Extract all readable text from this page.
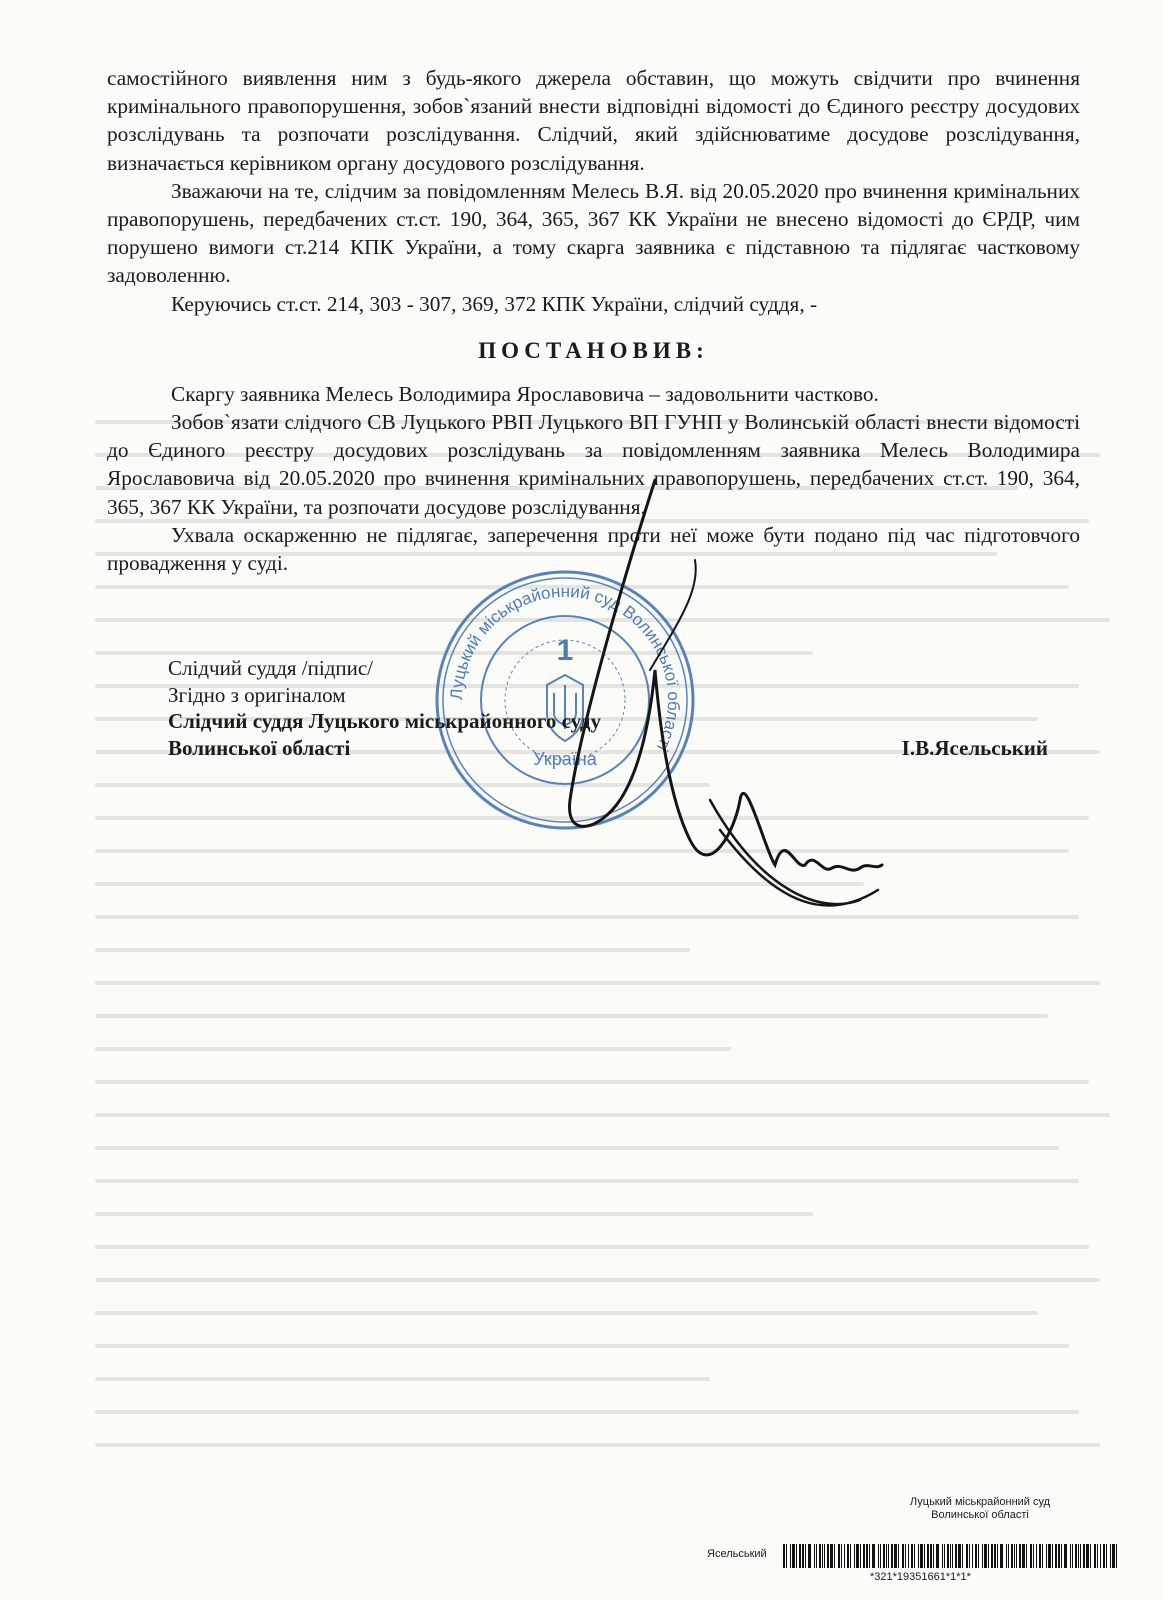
самостійного виявлення ним з будь-якого джерела обставин, що можуть свідчити про вчинення кримінального правопорушення, зобов`язаний внести відповідні відомості до Єдиного реєстру досудових розслідувань та розпочати розслідування. Слідчий, який здійснюватиме досудове розслідування, визначається керівником органу досудового розслідування.

Зважаючи на те, слідчим за повідомленням Мелесь В.Я. від 20.05.2020 про вчинення кримінальних правопорушень, передбачених ст.ст. 190, 364, 365, 367 КК України не внесено відомості до ЄРДР, чим порушено вимоги ст.214 КПК України, а тому скарга заявника є підставною та підлягає частковому задоволенню.

Керуючись ст.ст. 214, 303 - 307, 369, 372 КПК України, слідчий суддя, -

ПОСТАНОВИВ:

Скаргу заявника Мелесь Володимира Ярославовича – задовольнити частково.

Зобов`язати слідчого СВ Луцького РВП Луцького ВП ГУНП у Волинській області внести відомості до Єдиного реєстру досудових розслідувань за повідомленням заявника Мелесь Володимира Ярославовича від 20.05.2020 про вчинення кримінальних правопорушень, передбачених ст.ст. 190, 364, 365, 367 КК України, та розпочати досудове розслідування.

Ухвала оскарженню не підлягає, заперечення проти неї може бути подано під час підготовчого провадження у суді.

Луцький міськрайонний суд Волинської області
1
Україна
Слідчий суддя /підпис/
Згідно з оригіналом
Слідчий суддя Луцького міськрайонного суду
Волинської області	І.В.Ясельський
Луцький міськрайонний суд
Волинської області
Ясельський
*321*19351661*1*1*
